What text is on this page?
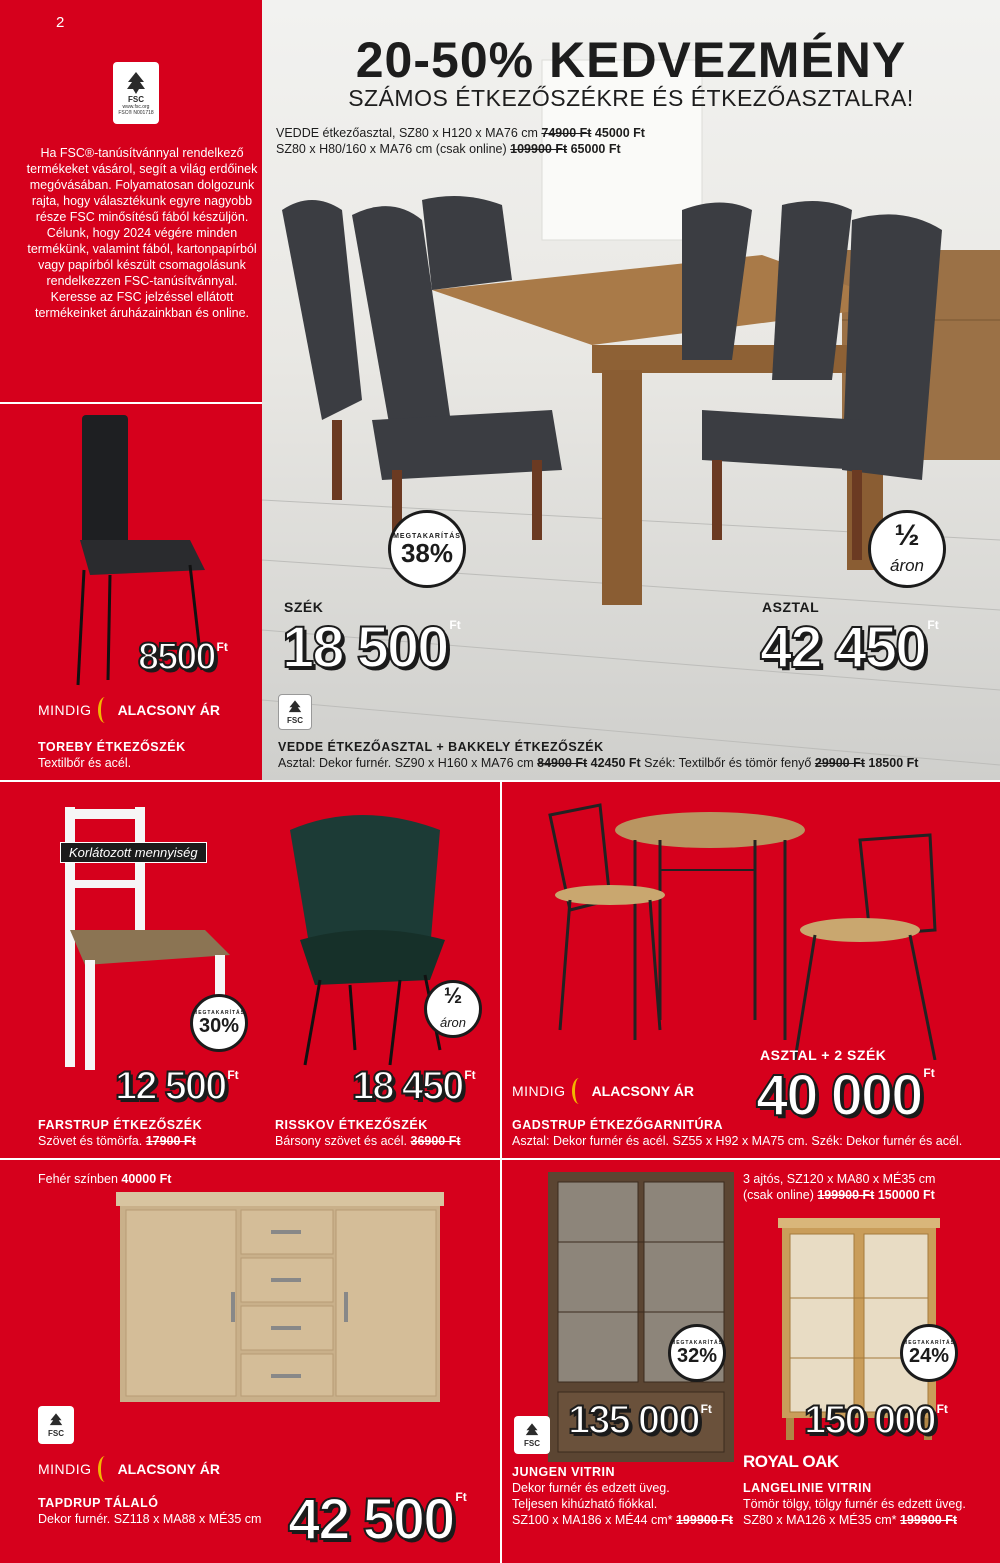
2
FSC
www.fsc.org
FSC® N001718
Ha FSC®-tanúsítvánnyal rendelkező termékeket vásárol, segít a világ erdőinek megóvásában. Folyamatosan dolgozunk rajta, hogy választékunk egyre nagyobb része FSC minősítésű fából készüljön. Célunk, hogy 2024 végére minden termékünk, valamint fából, kartonpapírból vagy papírból készült csomagolásunk rendelkezzen FSC-tanúsítvánnyal. Keresse az FSC jelzéssel ellátott termékeinket áruházainkban és online.
20-50% KEDVEZMÉNY
SZÁMOS ÉTKEZŐSZÉKRE ÉS ÉTKEZŐASZTALRA!
VEDDE étkezőasztal, SZ80 x H120 x MA76 cm 74900 Ft 45000 Ft
SZ80 x H80/160 x MA76 cm (csak online) 109900 Ft 65000 Ft
MEGTAKARÍTÁS
38%
½
áron
SZÉK
18 500 $^{Ft}$
ASZTAL
42 450 $^{Ft}$
FSC
VEDDE ÉTKEZŐASZTAL + BAKKELY ÉTKEZŐSZÉK
Asztal: Dekor furnér. SZ90 x H160 x MA76 cm 84900 Ft 42450 Ft Szék: Textilbőr és tömör fenyő 29900 Ft 18500 Ft
8500 $^{Ft}$
MINDIG ALACSONY ÁR
TOREBY ÉTKEZŐSZÉK
Textilbőr és acél.
Korlátozott mennyiség
MEGTAKARÍTÁS
30%
12 500 $^{Ft}$
FARSTRUP ÉTKEZŐSZÉK
Szövet és tömörfa. 17900 Ft
½
áron
18 450 $^{Ft}$
RISSKOV ÉTKEZŐSZÉK
Bársony szövet és acél. 36900 Ft
ASZTAL + 2 SZÉK
MINDIG ALACSONY ÁR 40 000 $^{Ft}$
GADSTRUP ÉTKEZŐGARNITÚRA
Asztal: Dekor furnér és acél. SZ55 x H92 x MA75 cm. Szék: Dekor furnér és acél.
Fehér színben 40000 Ft
FSC
MINDIG ALACSONY ÁR
TAPDRUP TÁLALÓ
Dekor furnér. SZ118 x MA88 x MÉ35 cm 42 500 $^{Ft}$
MEGTAKARÍTÁS
32%
135 000 $^{Ft}$
FSC
JUNGEN VITRIN
Dekor furnér és edzett üveg.
Teljesen kihúzható fiókkal.
SZ100 x MA186 x MÉ44 cm* 199900 Ft
3 ajtós, SZ120 x MA80 x MÉ35 cm
(csak online) 199900 Ft 150000 Ft
MEGTAKARÍTÁS
24%
150 000 $^{Ft}$
ROYAL OAK
LANGELINIE VITRIN
Tömör tölgy, tölgy furnér és edzett üveg.
SZ80 x MA126 x MÉ35 cm* 199900 Ft
